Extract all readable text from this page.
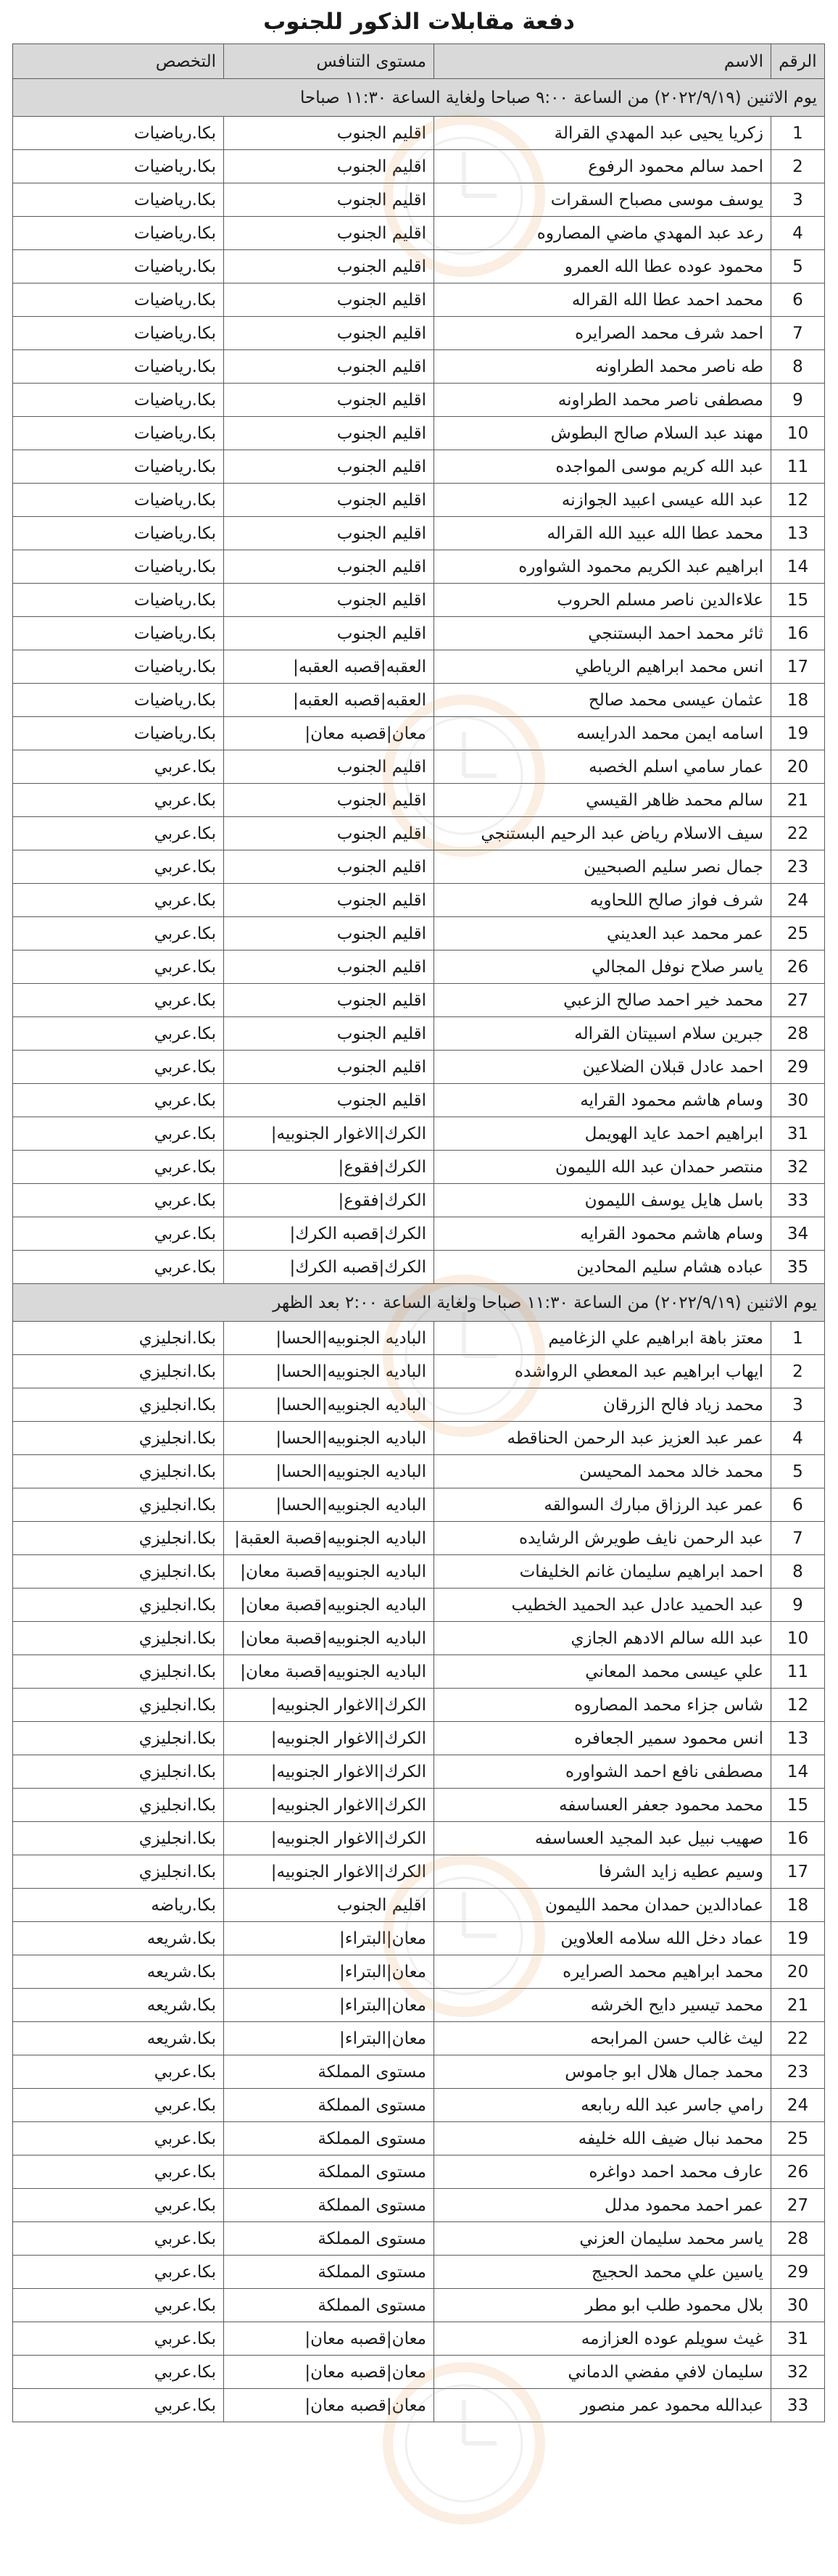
دفعة مقابلات الذكور للجنوب
الرقم	الاسم	مستوى التنافس	التخصص
يوم الاثنين (٢٠٢٢/٩/١٩) من الساعة ٩:٠٠ صباحا ولغاية الساعة ١١:٣٠ صباحا			
1	زكريا يحيى عبد المهدي القرالة	اقليم الجنوب	بكا.رياضيات
2	احمد سالم محمود الرفوع	اقليم الجنوب	بكا.رياضيات
3	يوسف موسى مصباح السقرات	اقليم الجنوب	بكا.رياضيات
4	رعد عبد المهدي ماضي المصاروه	اقليم الجنوب	بكا.رياضيات
5	محمود عوده عطا الله العمرو	اقليم الجنوب	بكا.رياضيات
6	محمد احمد عطا الله القراله	اقليم الجنوب	بكا.رياضيات
7	احمد شرف محمد الصرايره	اقليم الجنوب	بكا.رياضيات
8	طه ناصر محمد الطراونه	اقليم الجنوب	بكا.رياضيات
9	مصطفى ناصر محمد الطراونه	اقليم الجنوب	بكا.رياضيات
10	مهند عبد السلام صالح البطوش	اقليم الجنوب	بكا.رياضيات
11	عبد الله كريم موسى المواجده	اقليم الجنوب	بكا.رياضيات
12	عبد الله عيسى اعبيد الجوازنه	اقليم الجنوب	بكا.رياضيات
13	محمد عطا الله عبيد الله القراله	اقليم الجنوب	بكا.رياضيات
14	ابراهيم عبد الكريم محمود الشواوره	اقليم الجنوب	بكا.رياضيات
15	علاءالدين ناصر مسلم الحروب	اقليم الجنوب	بكا.رياضيات
16	ثائر محمد احمد البستنجي	اقليم الجنوب	بكا.رياضيات
17	انس محمد ابراهيم الرياطي	العقبه|قصبه العقبه|	بكا.رياضيات
18	عثمان عيسى محمد صالح	العقبه|قصبه العقبه|	بكا.رياضيات
19	اسامه ايمن محمد الدرايسه	معان|قصبه معان|	بكا.رياضيات
20	عمار سامي اسلم الخصبه	اقليم الجنوب	بكا.عربي
21	سالم محمد ظاهر القيسي	اقليم الجنوب	بكا.عربي
22	سيف الاسلام رياض عبد الرحيم البستنجي	اقليم الجنوب	بكا.عربي
23	جمال نصر سليم الصبحيين	اقليم الجنوب	بكا.عربي
24	شرف فواز صالح اللحاويه	اقليم الجنوب	بكا.عربي
25	عمر محمد عبد العديني	اقليم الجنوب	بكا.عربي
26	ياسر صلاح نوفل المجالي	اقليم الجنوب	بكا.عربي
27	محمد خير احمد صالح الزعبي	اقليم الجنوب	بكا.عربي
28	جبرين سلام اسبيتان القراله	اقليم الجنوب	بكا.عربي
29	احمد عادل قبلان الضلاعين	اقليم الجنوب	بكا.عربي
30	وسام هاشم محمود القرايه	اقليم الجنوب	بكا.عربي
31	ابراهيم احمد عايد الهويمل	الكرك|الاغوار الجنوبيه|	بكا.عربي
32	منتصر حمدان عبد الله الليمون	الكرك|فقوع|	بكا.عربي
33	باسل هايل يوسف الليمون	الكرك|فقوع|	بكا.عربي
34	وسام هاشم محمود القرايه	الكرك|قصبه الكرك|	بكا.عربي
35	عباده هشام سليم المحادين	الكرك|قصبه الكرك|	بكا.عربي
يوم الاثنين (٢٠٢٢/٩/١٩) من الساعة ١١:٣٠ صباحا ولغاية الساعة ٢:٠٠ بعد الظهر			
1	معتز باهة ابراهيم علي الزغاميم	الباديه الجنوبيه|الحسا|	بكا.انجليزي
2	ايهاب ابراهيم عبد المعطي الرواشده	الباديه الجنوبيه|الحسا|	بكا.انجليزي
3	محمد زياد فالح الزرقان	الباديه الجنوبيه|الحسا|	بكا.انجليزي
4	عمر عبد العزيز عبد الرحمن الحناقطه	الباديه الجنوبيه|الحسا|	بكا.انجليزي
5	محمد خالد محمد المحيسن	الباديه الجنوبيه|الحسا|	بكا.انجليزي
6	عمر عبد الرزاق مبارك السوالقه	الباديه الجنوبيه|الحسا|	بكا.انجليزي
7	عبد الرحمن نايف طويرش الرشايده	الباديه الجنوبيه|قصبة العقبة|	بكا.انجليزي
8	احمد ابراهيم سليمان غانم الخليفات	الباديه الجنوبيه|قصبة معان|	بكا.انجليزي
9	عبد الحميد عادل عبد الحميد الخطيب	الباديه الجنوبيه|قصبة معان|	بكا.انجليزي
10	عبد الله سالم الادهم الجازي	الباديه الجنوبيه|قصبة معان|	بكا.انجليزي
11	علي عيسى محمد المعاني	الباديه الجنوبيه|قصبة معان|	بكا.انجليزي
12	شاس جزاء محمد المصاروه	الكرك|الاغوار الجنوبيه|	بكا.انجليزي
13	انس محمود سمير الجعافره	الكرك|الاغوار الجنوبيه|	بكا.انجليزي
14	مصطفى نافع احمد الشواوره	الكرك|الاغوار الجنوبيه|	بكا.انجليزي
15	محمد محمود جعفر العساسفه	الكرك|الاغوار الجنوبيه|	بكا.انجليزي
16	صهيب نبيل عبد المجيد العساسفه	الكرك|الاغوار الجنوبيه|	بكا.انجليزي
17	وسيم عطيه زايد الشرفا	الكرك|الاغوار الجنوبيه|	بكا.انجليزي
18	عمادالدين حمدان محمد الليمون	اقليم الجنوب	بكا.رياضه
19	عماد دخل الله سلامه العلاوين	معان|البتراء|	بكا.شريعه
20	محمد ابراهيم محمد الصرايره	معان|البتراء|	بكا.شريعه
21	محمد تيسير دايح الخرشه	معان|البتراء|	بكا.شريعه
22	ليث غالب حسن المرابحه	معان|البتراء|	بكا.شريعه
23	محمد جمال هلال ابو جاموس	مستوى المملكة	بكا.عربي
24	رامي جاسر عبد الله ربابعه	مستوى المملكة	بكا.عربي
25	محمد نبال ضيف الله خليفه	مستوى المملكة	بكا.عربي
26	عارف محمد احمد دواغره	مستوى المملكة	بكا.عربي
27	عمر احمد محمود مدلل	مستوى المملكة	بكا.عربي
28	ياسر محمد سليمان العزني	مستوى المملكة	بكا.عربي
29	ياسين علي محمد الحجيج	مستوى المملكة	بكا.عربي
30	بلال محمود طلب ابو مطر	مستوى المملكة	بكا.عربي
31	غيث سويلم عوده العزازمه	معان|قصبه معان|	بكا.عربي
32	سليمان لافي مفضي الدماني	معان|قصبه معان|	بكا.عربي
33	عبدالله محمود عمر منصور	معان|قصبه معان|	بكا.عربي
